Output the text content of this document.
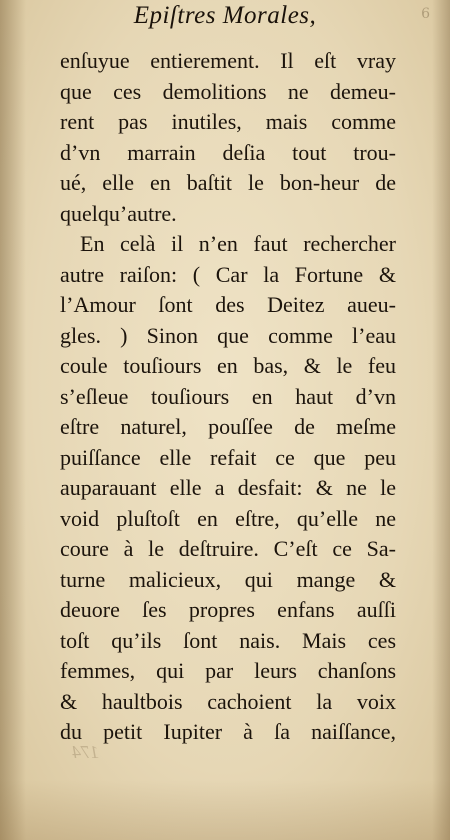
6
Epiſtres Morales,
enſuyue entierement. Il eſt vray
que ces demolitions ne demeu-
rent pas inutiles, mais comme
d’vn marrain deſia tout trou-
ué, elle en baſtit le bon-heur de
quelqu’autre.
En celà il n’en faut rechercher
autre raiſon: ( Car la Fortune &
l’Amour ſont des Deitez aueu-
gles. ) Sinon que comme l’eau
coule touſiours en bas, & le feu
s’eſleue touſiours en haut d’vn
eſtre naturel, pouſſee de meſme
puiſſance elle refait ce que peu
auparauant elle a desfait: & ne le
void pluſtoſt en eſtre, qu’elle ne
coure à le deſtruire. C’eſt ce Sa-
turne malicieux, qui mange &
deuore ſes propres enfans auſſi
toſt qu’ils ſont nais. Mais ces
femmes, qui par leurs chanſons
& haultbois cachoient la voix
du petit Iupiter à ſa naiſſance,
174
